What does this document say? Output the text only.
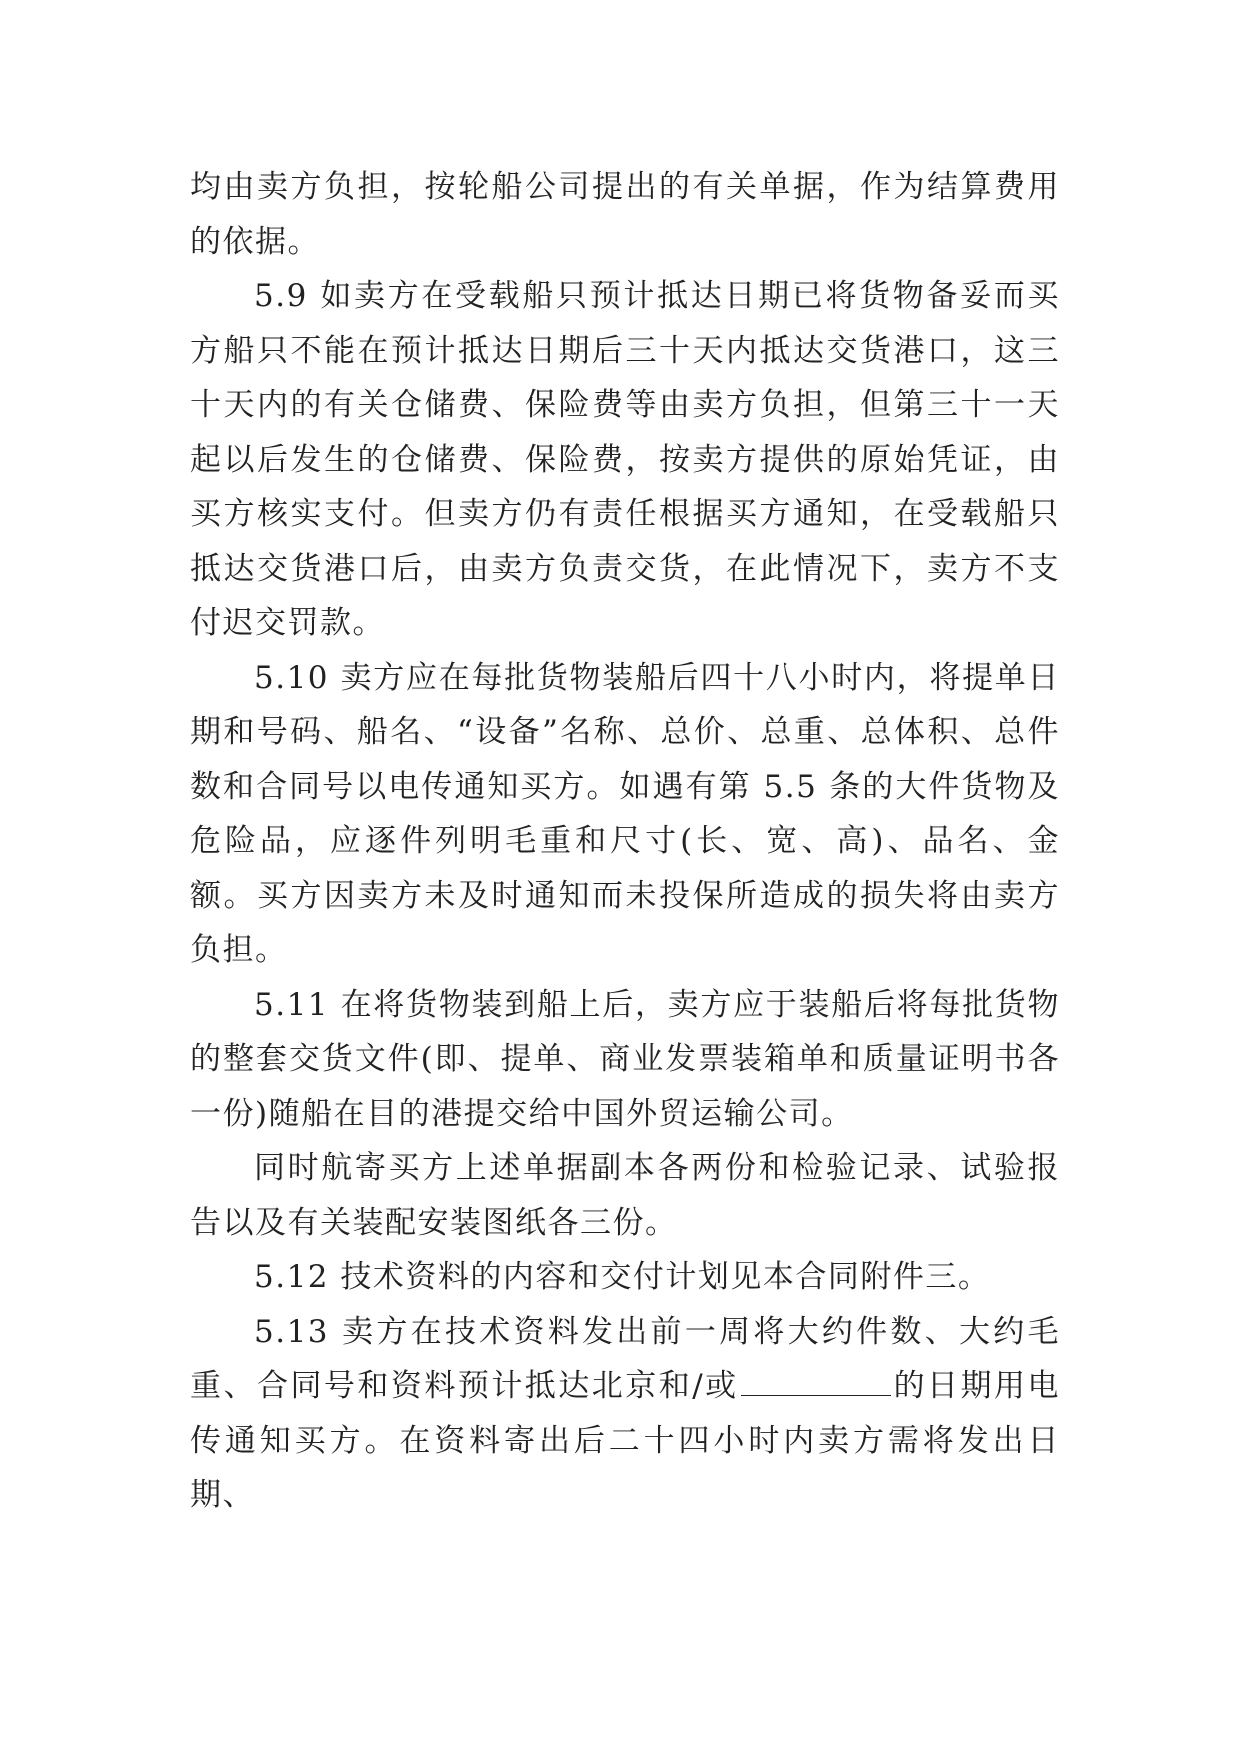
均由卖方负担，按轮船公司提出的有关单据，作为结算费用的依据。

5.9 如卖方在受载船只预计抵达日期已将货物备妥而买方船只不能在预计抵达日期后三十天内抵达交货港口，这三十天内的有关仓储费、保险费等由卖方负担，但第三十一天起以后发生的仓储费、保险费，按卖方提供的原始凭证，由买方核实支付。但卖方仍有责任根据买方通知，在受载船只抵达交货港口后，由卖方负责交货，在此情况下，卖方不支付迟交罚款。

5.10 卖方应在每批货物装船后四十八小时内，将提单日期和号码、船名、“设备”名称、总价、总重、总体积、总件数和合同号以电传通知买方。如遇有第 5.5 条的大件货物及危险品，应逐件列明毛重和尺寸(长、宽、高)、品名、金额。买方因卖方未及时通知而未投保所造成的损失将由卖方负担。

5.11 在将货物装到船上后，卖方应于装船后将每批货物的整套交货文件(即、提单、商业发票装箱单和质量证明书各一份)随船在目的港提交给中国外贸运输公司。

同时航寄买方上述单据副本各两份和检验记录、试验报告以及有关装配安装图纸各三份。

5.12 技术资料的内容和交付计划见本合同附件三。

5.13 卖方在技术资料发出前一周将大约件数、大约毛重、合同号和资料预计抵达北京和/或	的日期用电传通知买方。在资料寄出后二十四小时内卖方需将发出日期、
